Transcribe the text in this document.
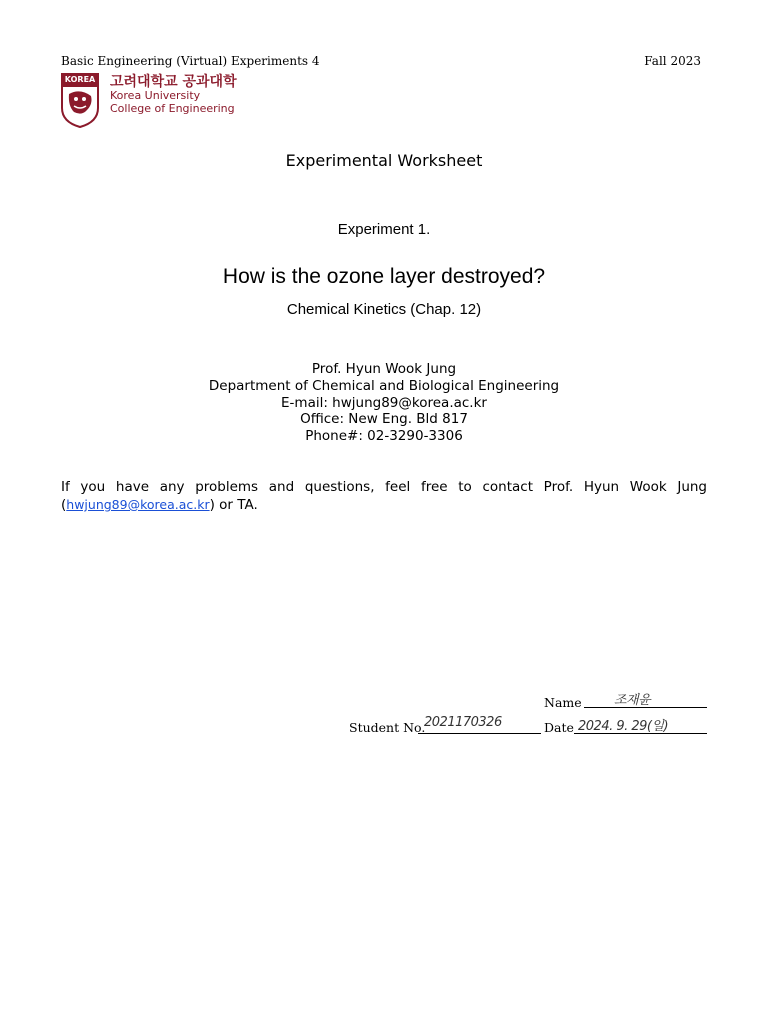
Basic Engineering (Virtual) Experiments 4	Fall 2023
KOREA 고려대학교 공과대학
Korea University
College of Engineering
Experimental Worksheet
Experiment 1.
How is the ozone layer destroyed?
Chemical Kinetics (Chap. 12)
Prof. Hyun Wook Jung
Department of Chemical and Biological Engineering
E-mail: hwjung89@korea.ac.kr
Office: New Eng. Bld 817
Phone#: 02-3290-3306
If you have any problems and questions, feel free to contact Prof. Hyun Wook Jung (hwjung89@korea.ac.kr) or TA.
Name 조재윤
Student No.
2021170326	Date 2024. 9. 29(일)
